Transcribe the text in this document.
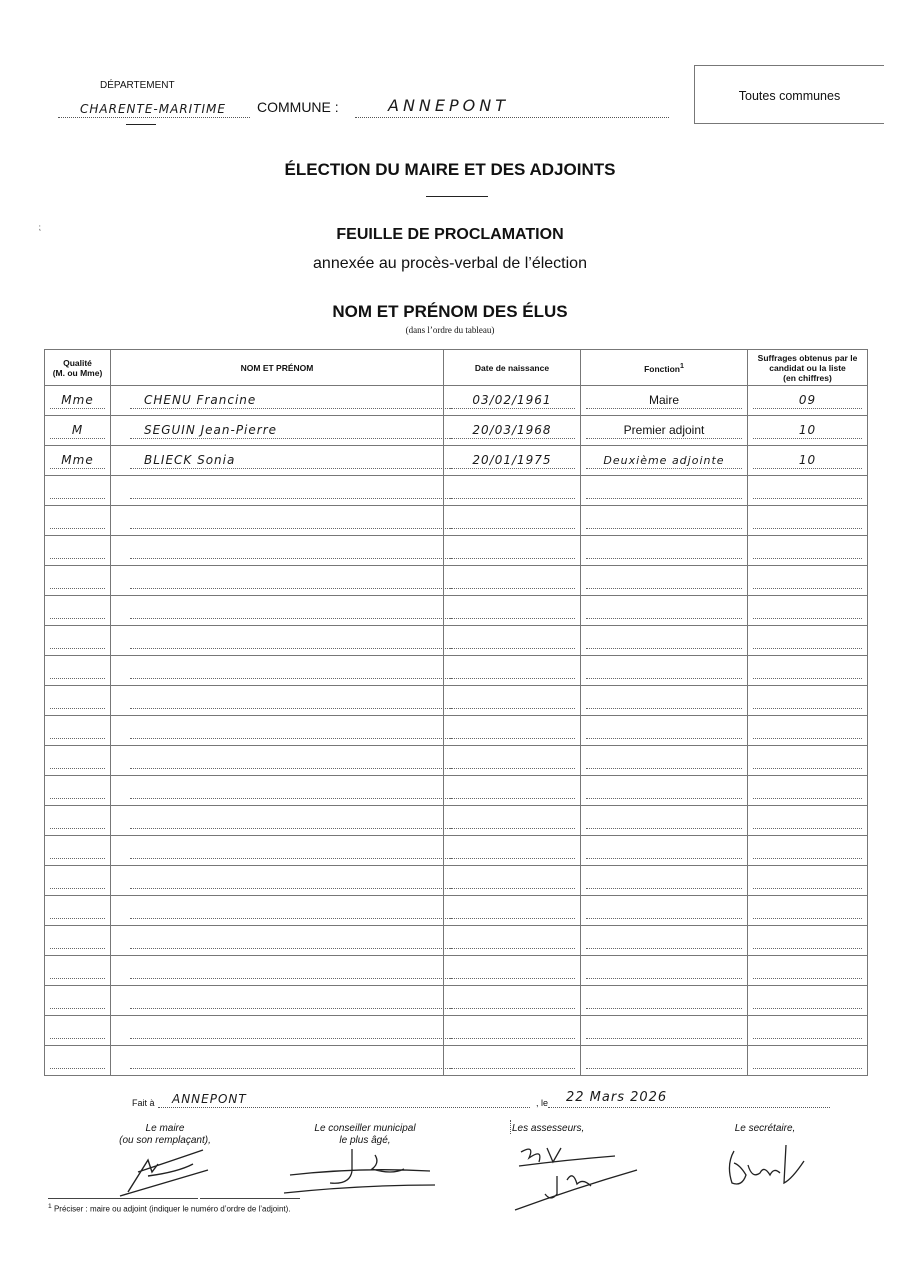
DÉPARTEMENT
CHARENTE-MARITIME COMMUNE :	ANNEPONT	Toutes communes
⁏
ÉLECTION DU MAIRE ET DES ADJOINTS
FEUILLE DE PROCLAMATION
annexée au procès-verbal de l’élection
NOM ET PRÉNOM DES ÉLUS
(dans l’ordre du tableau)
Qualité
(M. ou Mme)	NOM ET PRÉNOM	Date de naissance	Fonction$^1$	Suffrages obtenus par le candidat ou la liste
(en chiffres)

Mme	CHENU Francine	03/02/1961	Maire	09

M	SEGUIN Jean-Pierre	20/03/1968	Premier adjoint	10

Mme	BLIECK Sonia	20/01/1975	Deuxième adjointe	10

Fait à ANNEPONT	, le 22 Mars 2026
Le maire
(ou son remplaçant),
Le conseiller municipal
le plus âgé,
Les assesseurs,	Le secrétaire,
$^1$ Préciser : maire ou adjoint (indiquer le numéro d’ordre de l’adjoint).
